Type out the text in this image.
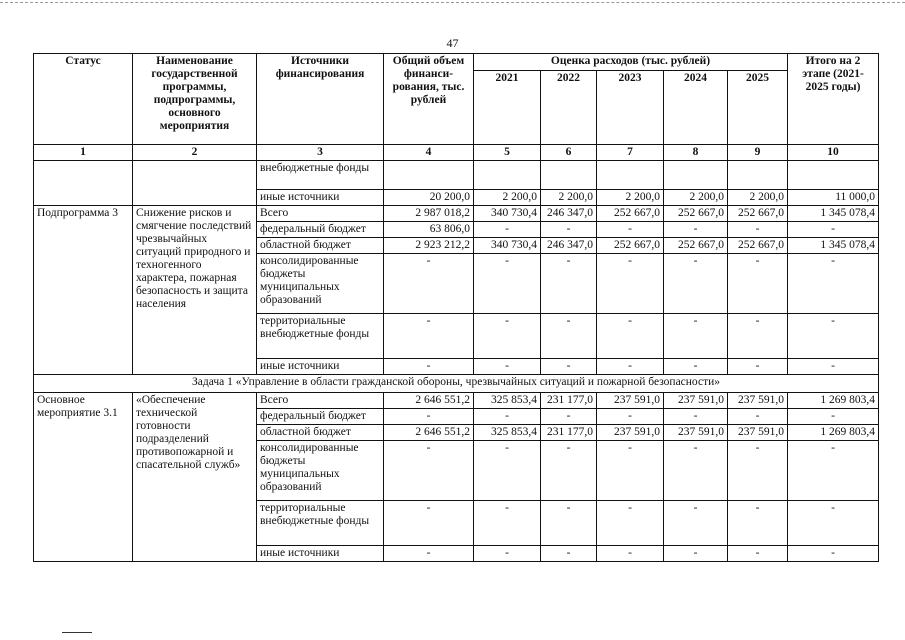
47
Статус	Наименование государственной программы, подпрограммы, основного мероприятия	Источники финансирования	Общий объем финанси-рования, тыс. рублей	Оценка расходов (тыс. рублей)					Итого на 2 этапе (2021-2025 годы)
				2021	2022	2023	2024	2025	
1	2	3	4	5	6	7	8	9	10
		внебюджетные фонды							
		иные источники	20 200,0	2 200,0	2 200,0	2 200,0	2 200,0	2 200,0	11 000,0
Подпрограмма 3	Снижение рисков и смягчение последствий чрезвычайных ситуаций природного и техногенного характера, пожарная безопасность и защита населения	Всего	2 987 018,2	340 730,4	246 347,0	252 667,0	252 667,0	252 667,0	1 345 078,4
		федеральный бюджет	63 806,0	-	-	-	-	-	-
		областной бюджет	2 923 212,2	340 730,4	246 347,0	252 667,0	252 667,0	252 667,0	1 345 078,4
		консолидированные бюджеты муниципальных образований	-	-	-	-	-	-	-
		территориальные внебюджетные фонды	-	-	-	-	-	-	-
		иные источники	-	-	-	-	-	-	-
Задача 1 «Управление в области гражданской обороны, чрезвычайных ситуаций и пожарной безопасности»									
Основное мероприятие 3.1	«Обеспечение технической готовности подразделений противопожарной и спасательной служб»	Всего	2 646 551,2	325 853,4	231 177,0	237 591,0	237 591,0	237 591,0	1 269 803,4
		федеральный бюджет	-	-	-	-	-	-	-
		областной бюджет	2 646 551,2	325 853,4	231 177,0	237 591,0	237 591,0	237 591,0	1 269 803,4
		консолидированные бюджеты муниципальных образований	-	-	-	-	-	-	-
		территориальные внебюджетные фонды	-	-	-	-	-	-	-
		иные источники	-	-	-	-	-	-	-
